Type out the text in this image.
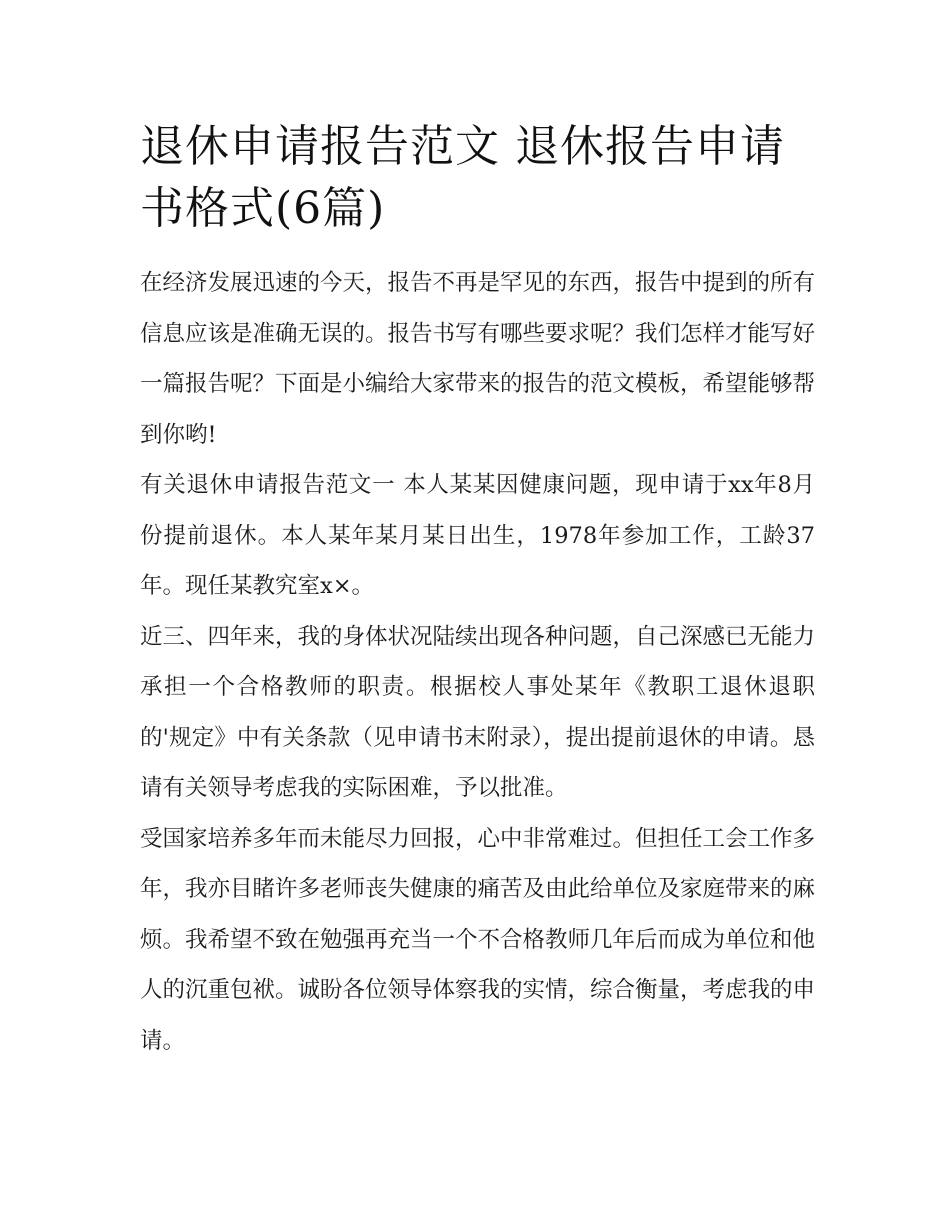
退休申请报告范文 退休报告申请书格式(6篇)

在经济发展迅速的今天，报告不再是罕见的东西，报告中提到的所有信息应该是准确无误的。报告书写有哪些要求呢？我们怎样才能写好一篇报告呢？下面是小编给大家带来的报告的范文模板，希望能够帮到你哟!

有关退休申请报告范文一 本人某某因健康问题，现申请于xx年8月份提前退休。本人某年某月某日出生，1978年参加工作，工龄37年。现任某教究室x×。

近三、四年来，我的身体状况陆续出现各种问题，自己深感已无能力承担一个合格教师的职责。根据校人事处某年《教职工退休退职的'规定》中有关条款（见申请书末附录），提出提前退休的申请。恳请有关领导考虑我的实际困难，予以批准。

受国家培养多年而未能尽力回报，心中非常难过。但担任工会工作多年，我亦目睹许多老师丧失健康的痛苦及由此给单位及家庭带来的麻烦。我希望不致在勉强再充当一个不合格教师几年后而成为单位和他人的沉重包袱。诚盼各位领导体察我的实情，综合衡量，考虑我的申请。
